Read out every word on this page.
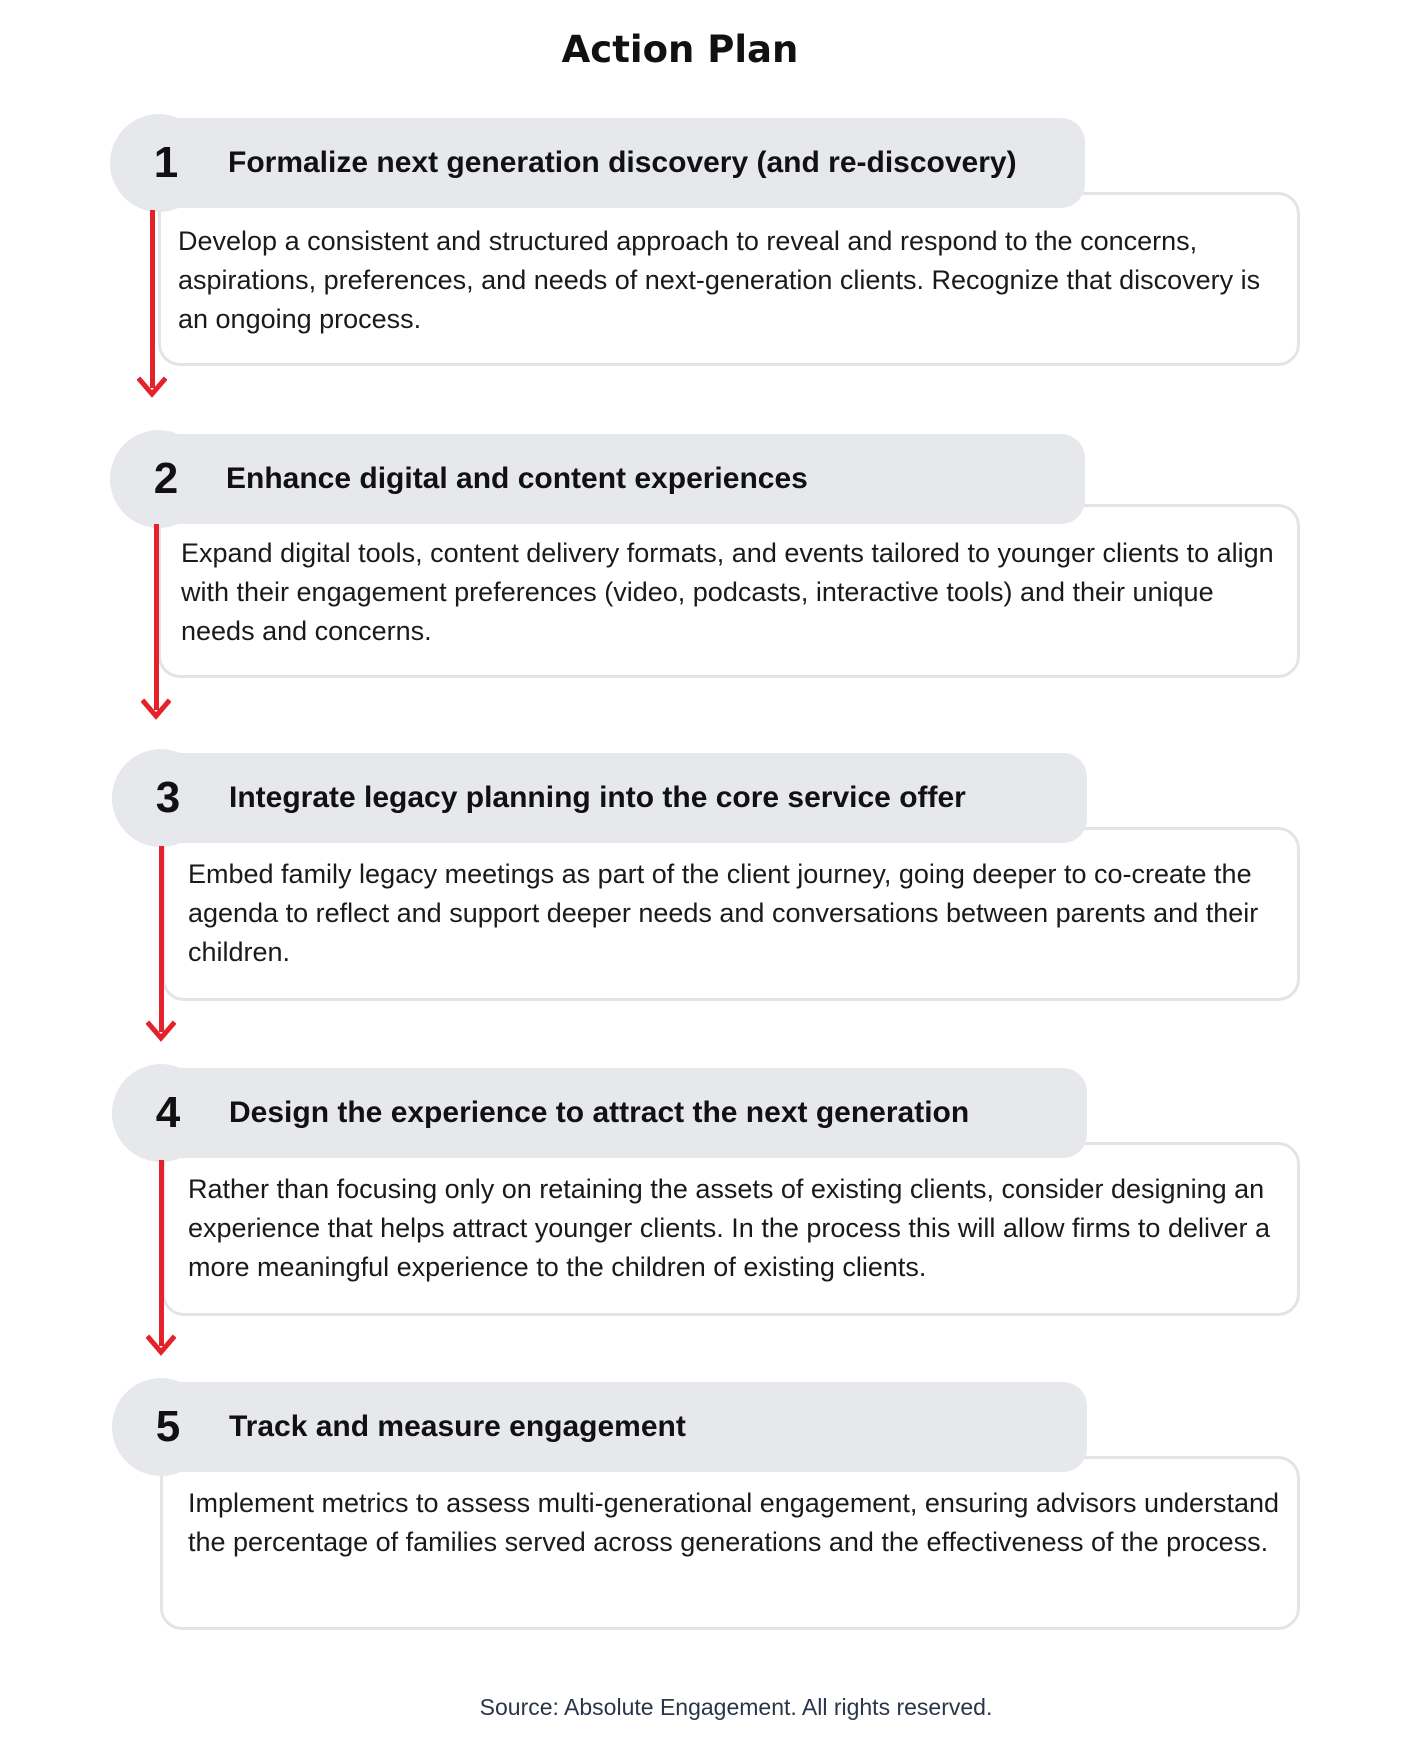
Action Plan
1	Formalize next generation discovery (and re-discovery)
Develop a consistent and structured approach to reveal and respond to the concerns, aspirations, preferences, and needs of next-generation clients. Recognize that discovery is an ongoing process.
2	Enhance digital and content experiences
Expand digital tools, content delivery formats, and events tailored to younger clients to align with their engagement preferences (video, podcasts, interactive tools) and their unique needs and concerns.
3	Integrate legacy planning into the core service offer
Embed family legacy meetings as part of the client journey, going deeper to co-create the agenda to reflect and support deeper needs and conversations between parents and their children.
4	Design the experience to attract the next generation
Rather than focusing only on retaining the assets of existing clients, consider designing an experience that helps attract younger clients. In the process this will allow firms to deliver a more meaningful experience to the children of existing clients.
5	Track and measure engagement
Implement metrics to assess multi-generational engagement, ensuring advisors understand the percentage of families served across generations and the effectiveness of the process.
Source: Absolute Engagement. All rights reserved.
